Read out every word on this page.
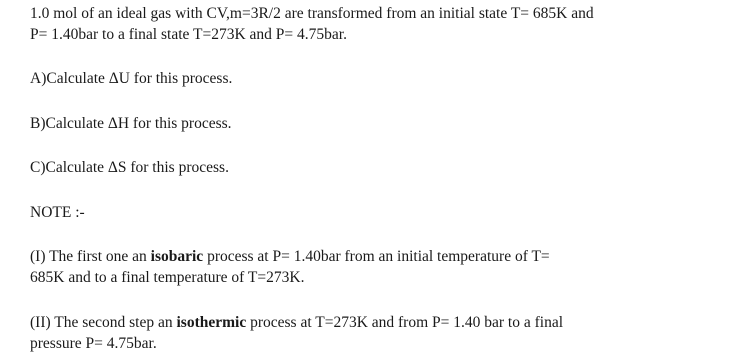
1.0 mol of an ideal gas with CV,m=3R/2 are transformed from an initial state T= 685K and
P= 1.40bar to a final state T=273K and P= 4.75bar.
A)Calculate ΔU for this process.
B)Calculate ΔH for this process.
C)Calculate ΔS for this process.
NOTE :-
(I) The first one an isobaric process at P= 1.40bar from an initial temperature of T=
685K and to a final temperature of T=273K.
(II) The second step an isothermic process at T=273K and from P= 1.40 bar to a final
pressure P= 4.75bar.
